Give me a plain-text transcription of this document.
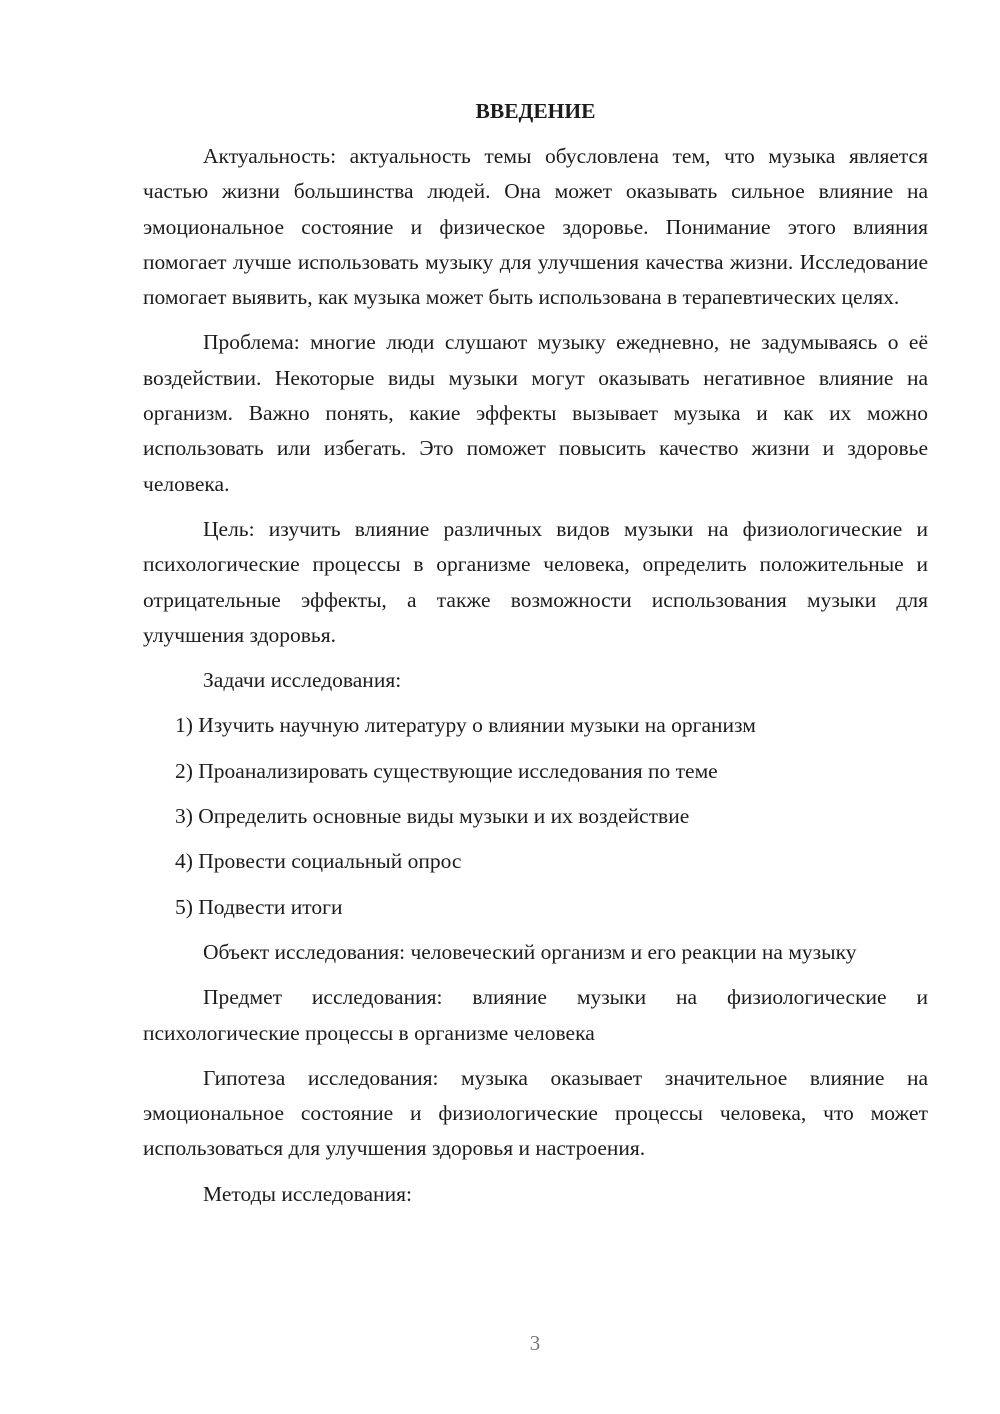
ВВЕДЕНИЕ

Актуальность: актуальность темы обусловлена тем, что музыка является частью жизни большинства людей. Она может оказывать сильное влияние на эмоциональное состояние и физическое здоровье. Понимание этого влияния помогает лучше использовать музыку для улучшения качества жизни. Исследование помогает выявить, как музыка может быть использована в терапевтических целях.

Проблема: многие люди слушают музыку ежедневно, не задумываясь о её воздействии. Некоторые виды музыки могут оказывать негативное влияние на организм. Важно понять, какие эффекты вызывает музыка и как их можно использовать или избегать. Это поможет повысить качество жизни и здоровье человека.

Цель: изучить влияние различных видов музыки на физиологические и психологические процессы в организме человека, определить положительные и отрицательные эффекты, а также возможности использования музыки для улучшения здоровья.

Задачи исследования:

1) Изучить научную литературу о влиянии музыки на организм

2) Проанализировать существующие исследования по теме

3) Определить основные виды музыки и их воздействие

4) Провести социальный опрос

5) Подвести итоги

Объект исследования: человеческий организм и его реакции на музыку

Предмет исследования: влияние музыки на физиологические и психологические процессы в организме человека

Гипотеза исследования: музыка оказывает значительное влияние на эмоциональное состояние и физиологические процессы человека, что может использоваться для улучшения здоровья и настроения.

Методы исследования:

3
